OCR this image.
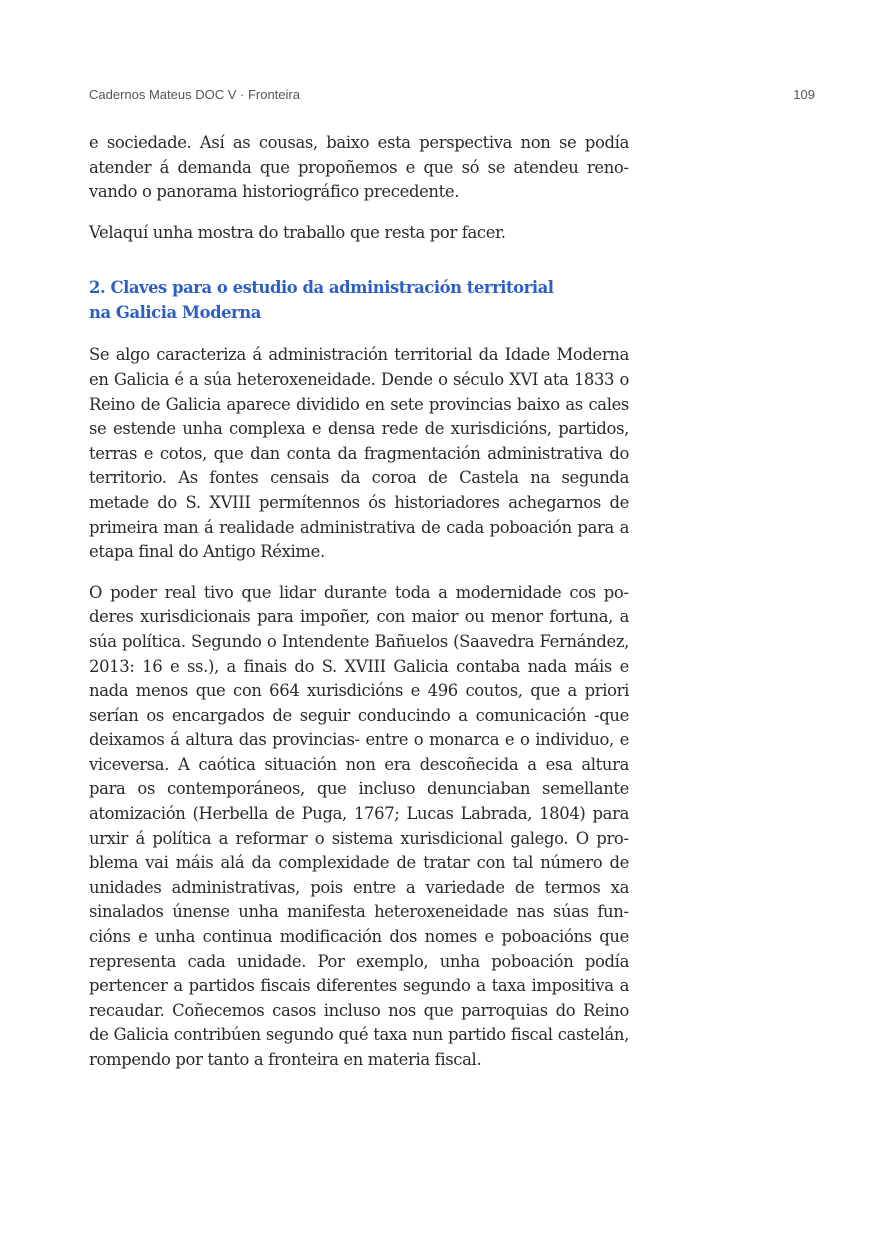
Cadernos Mateus DOC V · Fronteira	109

e sociedade. Así as cousas, baixo esta perspectiva non se podía atender á demanda que propoñemos e que só se atendeu renovando o panorama historiográfico precedente.

Velaquí unha mostra do traballo que resta por facer.

2. Claves para o estudio da administración territorial na Galicia Moderna

Se algo caracteriza á administración territorial da Idade Moderna en Galicia é a súa heteroxeneidade. Dende o século XVI ata 1833 o Reino de Galicia aparece dividido en sete provincias baixo as cales se estende unha complexa e densa rede de xurisdicións, partidos, terras e cotos, que dan conta da fragmentación administrativa do territorio. As fontes censais da coroa de Castela na segunda metade do S. XVIII permítennos ós historiadores achegarnos de primeira man á realidade administrativa de cada poboación para a etapa final do Antigo Réxime.

O poder real tivo que lidar durante toda a modernidade cos poderes xurisdicionais para impoñer, con maior ou menor fortuna, a súa política. Segundo o Intendente Bañuelos (Saavedra Fernández, 2013: 16 e ss.), a finais do S. XVIII Galicia contaba nada máis e nada menos que con 664 xurisdicións e 496 coutos, que a priori serían os encargados de seguir conducindo a comunicación -que deixamos á altura das provincias- entre o monarca e o individuo, e viceversa. A caótica situación non era descoñecida a esa altura para os contemporáneos, que incluso denunciaban semellante atomización (Herbella de Puga, 1767; Lucas Labrada, 1804) para urxir á política a reformar o sistema xurisdicional galego. O problema vai máis alá da complexidade de tratar con tal número de unidades administrativas, pois entre a variedade de termos xa sinalados únense unha manifesta heteroxeneidade nas súas funcións e unha continua modificación dos nomes e poboacións que representa cada unidade. Por exemplo, unha poboación podía pertencer a partidos fiscais diferentes segundo a taxa impositiva a recaudar. Coñecemos casos incluso nos que parroquias do Reino de Galicia contribúen segundo qué taxa nun partido fiscal castelán, rompendo por tanto a fronteira en materia fiscal.
